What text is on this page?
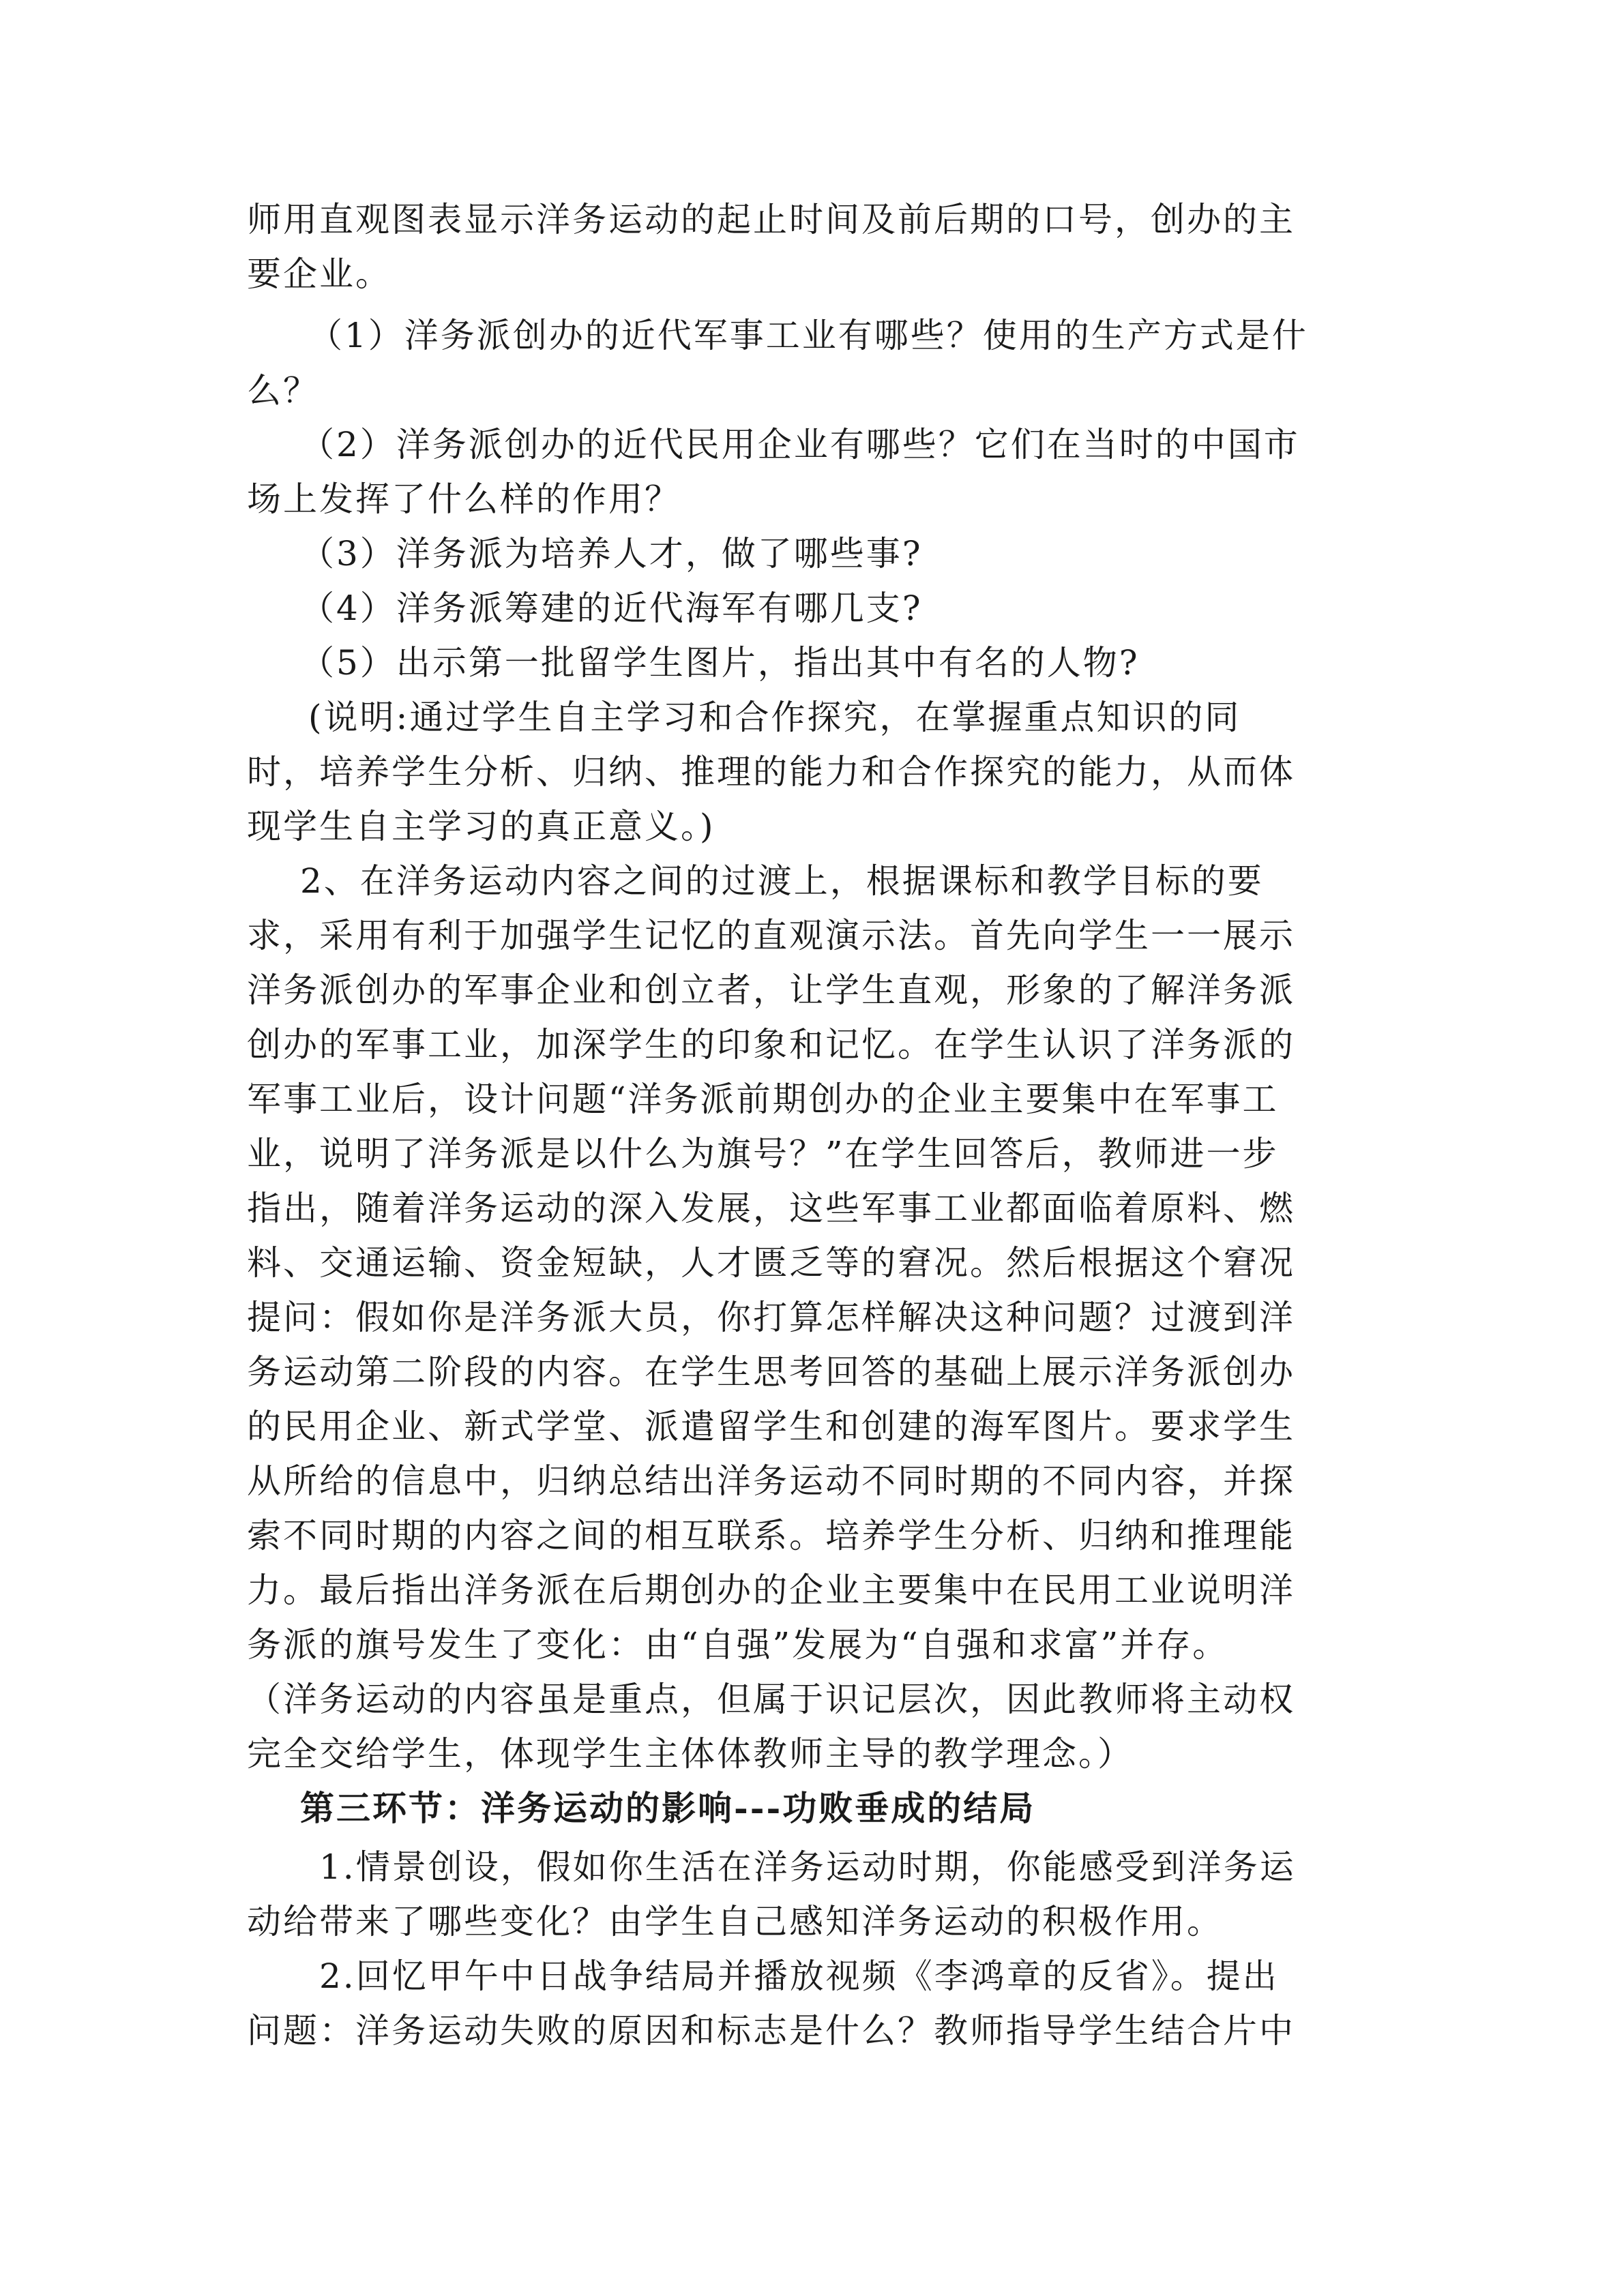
师用直观图表显示洋务运动的起止时间及前后期的口号，创办的主
要企业。
（1）洋务派创办的近代军事工业有哪些？使用的生产方式是什
么？
（2）洋务派创办的近代民用企业有哪些？它们在当时的中国市
场上发挥了什么样的作用？
（3）洋务派为培养人才，做了哪些事?
（4）洋务派筹建的近代海军有哪几支?
（5）出示第一批留学生图片，指出其中有名的人物?
(说明:通过学生自主学习和合作探究，在掌握重点知识的同
时，培养学生分析、归纳、推理的能力和合作探究的能力，从而体
现学生自主学习的真正意义。)
2、在洋务运动内容之间的过渡上，根据课标和教学目标的要
求，采用有利于加强学生记忆的直观演示法。首先向学生一一展示
洋务派创办的军事企业和创立者，让学生直观，形象的了解洋务派
创办的军事工业，加深学生的印象和记忆。在学生认识了洋务派的
军事工业后，设计问题“洋务派前期创办的企业主要集中在军事工
业，说明了洋务派是以什么为旗号？”在学生回答后，教师进一步
指出，随着洋务运动的深入发展，这些军事工业都面临着原料、燃
料、交通运输、资金短缺，人才匮乏等的窘况。然后根据这个窘况
提问：假如你是洋务派大员，你打算怎样解决这种问题？过渡到洋
务运动第二阶段的内容。在学生思考回答的基础上展示洋务派创办
的民用企业、新式学堂、派遣留学生和创建的海军图片。要求学生
从所给的信息中，归纳总结出洋务运动不同时期的不同内容，并探
索不同时期的内容之间的相互联系。培养学生分析、归纳和推理能
力。最后指出洋务派在后期创办的企业主要集中在民用工业说明洋
务派的旗号发生了变化：由“自强”发展为“自强和求富”并存。
（洋务运动的内容虽是重点，但属于识记层次，因此教师将主动权
完全交给学生，体现学生主体体教师主导的教学理念。）
第三环节：洋务运动的影响---功败垂成的结局
1.情景创设，假如你生活在洋务运动时期，你能感受到洋务运
动给带来了哪些变化？由学生自己感知洋务运动的积极作用。
2.回忆甲午中日战争结局并播放视频《李鸿章的反省》。提出
问题：洋务运动失败的原因和标志是什么？教师指导学生结合片中
